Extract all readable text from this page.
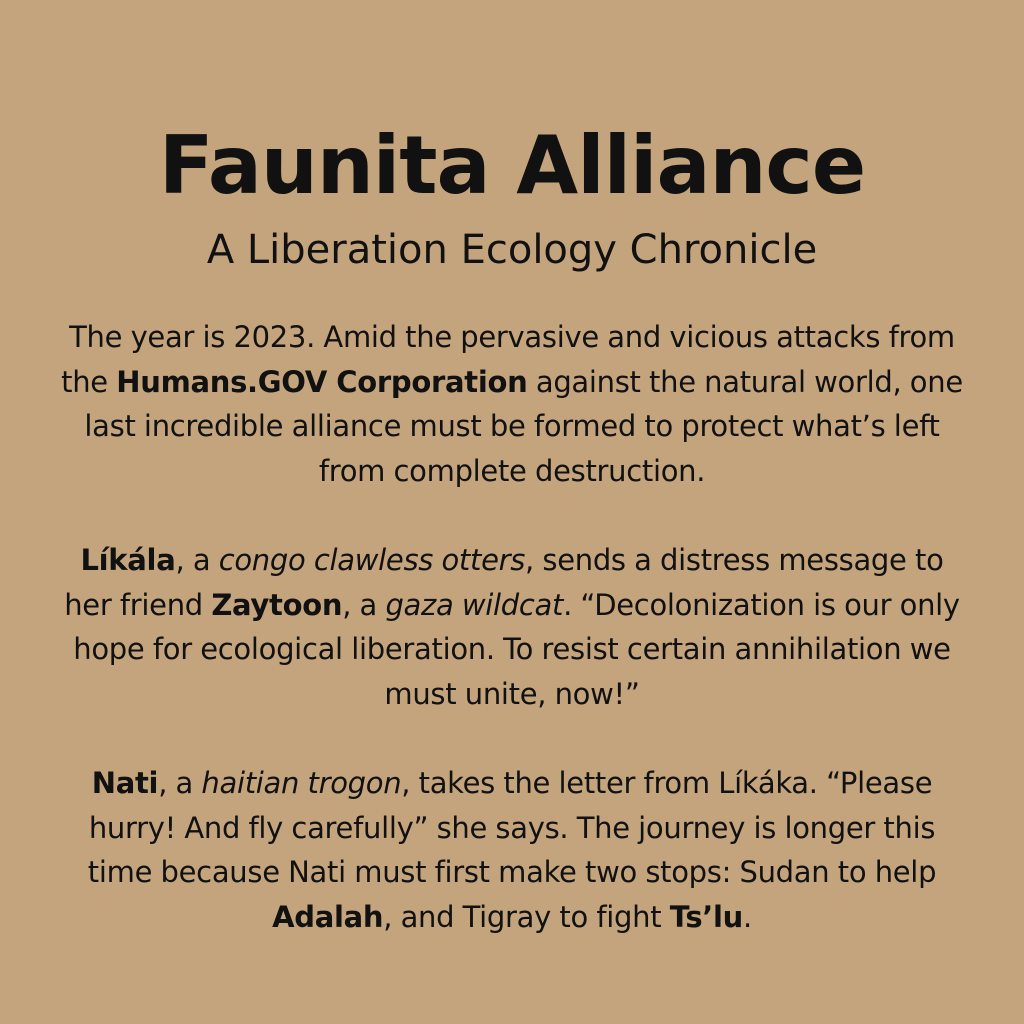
Faunita Alliance
A Liberation Ecology Chronicle

The year is 2023. Amid the pervasive and vicious attacks from the Humans.GOV Corporation against the natural world, one last incredible alliance must be formed to protect what’s left from complete destruction.

Líkála, a congo clawless otters, sends a distress message to her friend Zaytoon, a gaza wildcat. “Decolonization is our only hope for ecological liberation. To resist certain annihilation we must unite, now!”

Nati, a haitian trogon, takes the letter from Líkáka. “Please hurry! And fly carefully” she says. The journey is longer this time because Nati must first make two stops: Sudan to help Adalah, and Tigray to fight Ts’lu.
